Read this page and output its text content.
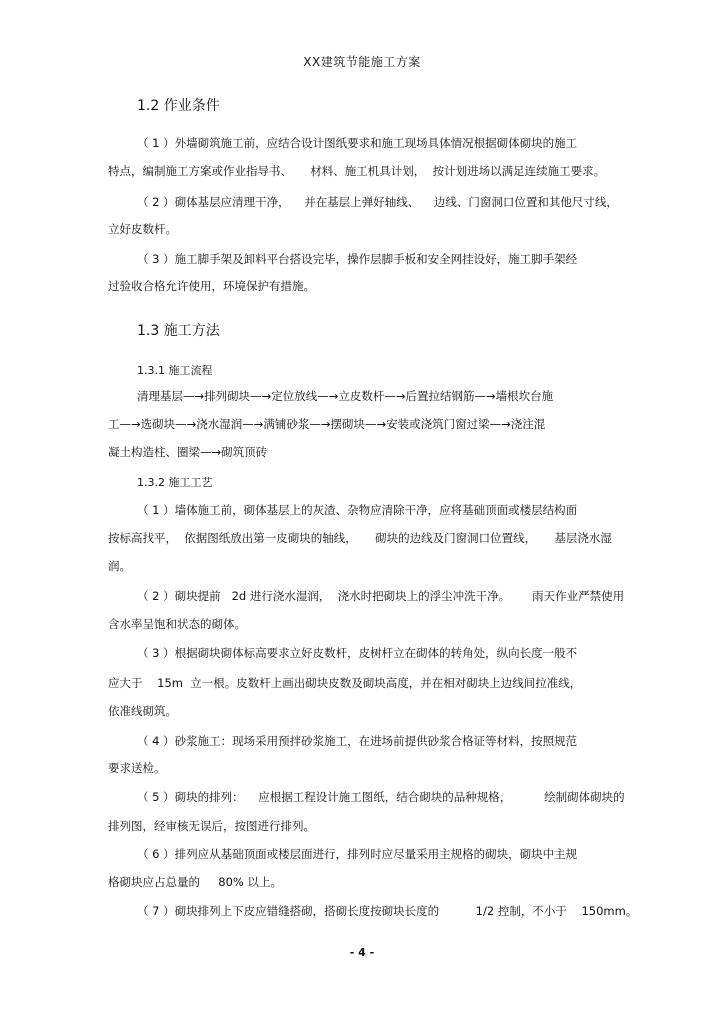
XX建筑节能施工方案
1.2 作业条件
（ 1 ）外墙砌筑施工前，应结合设计图纸要求和施工现场具体情况根据砌体砌块的施工
特点，编制施工方案或作业指导书、     材料、施工机具计划，  按计划进场以满足连续施工要求。
（ 2 ）砌体基层应清理干净，    并在基层上弹好轴线、    边线、门窗洞口位置和其他尺寸线，
立好皮数杆。
（ 3 ）施工脚手架及卸料平台搭设完毕，操作层脚手板和安全网挂设好，施工脚手架经
过验收合格允许使用，环境保护有措施。
1.3 施工方法
1.3.1 施工流程
清理基层—→排列砌块—→定位放线—→立皮数杆—→后置拉结钢筋—→墙根坎台施
工—→选砌块—→浇水湿润—→满铺砂浆—→摆砌块—→安装或浇筑门窗过梁—→浇注混
凝土构造柱、圈梁—→砌筑顶砖
1.3.2 施工工艺
（ 1 ）墙体施工前，砌体基层上的灰渣、杂物应清除干净，应将基础顶面或楼层结构面
按标高找平，  依据图纸放出第一皮砌块的轴线，     砌块的边线及门窗洞口位置线，     基层浇水湿
润。
（ 2 ）砌块提前   2d 进行浇水湿润，  浇水时把砌块上的浮尘冲洗干净。      雨天作业严禁使用
含水率呈饱和状态的砌体。
（ 3 ）根据砌块砌体标高要求立好皮数杆，皮树杆立在砌体的转角处，纵向长度一般不
应大于    15m  立一根。皮数杆上画出砌块皮数及砌块高度，并在相对砌块上边线间拉准线，
依准线砌筑。
（ 4 ）砂浆施工：现场采用预拌砂浆施工，在进场前提供砂浆合格证等材料，按照规范
要求送检。
（ 5 ）砌块的排列：    应根据工程设计施工图纸，结合砌块的品种规格，         绘制砌体砌块的
排列图，经审核无误后，按图进行排列。
（ 6 ）排列应从基础顶面或楼层面进行，排列时应尽量采用主规格的砌块，砌块中主规
格砌块应占总量的     80% 以上。
（ 7 ）砌块排列上下皮应错缝搭砌，搭砌长度按砌块长度的          1/2 控制，不小于    150mm。
- 4 -
